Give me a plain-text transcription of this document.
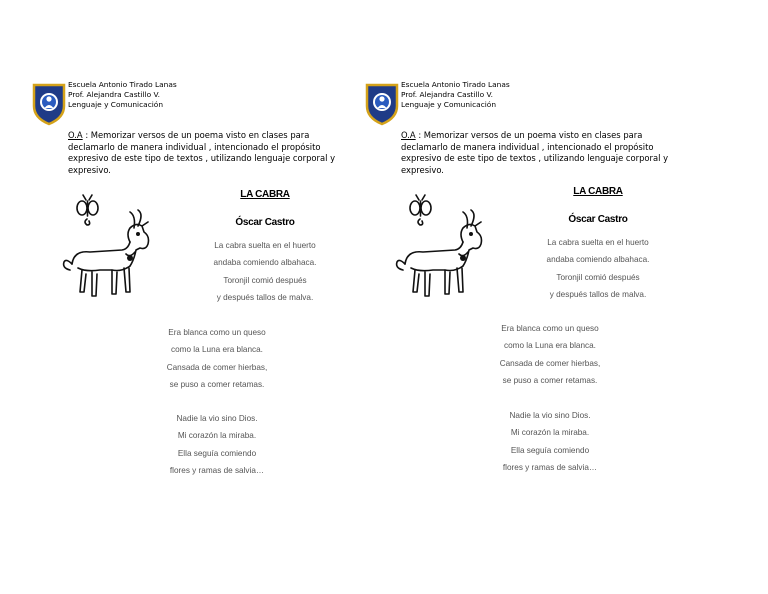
Escuela Antonio Tirado Lanas
Prof. Alejandra Castillo V.
Lenguaje y Comunicación
O.A : Memorizar versos de un poema visto en clases para declamarlo de manera individual , intencionado el propósito expresivo de este tipo de textos , utilizando lenguaje corporal y expresivo.
LA CABRA
Óscar Castro
La cabra suelta en el huerto
andaba comiendo albahaca.
Toronjil comió después
y después tallos de malva.
Era blanca como un queso
como la Luna era blanca.
Cansada de comer hierbas,
se puso a comer retamas.
Nadie la vio sino Dios.
Mi corazón la miraba.
Ella seguía comiendo
flores y ramas de salvia…
Escuela Antonio Tirado Lanas
Prof. Alejandra Castillo V.
Lenguaje y Comunicación
O.A : Memorizar versos de un poema visto en clases para declamarlo de manera individual , intencionado el propósito expresivo de este tipo de textos , utilizando lenguaje corporal y expresivo.
LA CABRA
Óscar Castro
La cabra suelta en el huerto
andaba comiendo albahaca.
Toronjil comió después
y después tallos de malva.
Era blanca como un queso
como la Luna era blanca.
Cansada de comer hierbas,
se puso a comer retamas.
Nadie la vio sino Dios.
Mi corazón la miraba.
Ella seguía comiendo
flores y ramas de salvia…
